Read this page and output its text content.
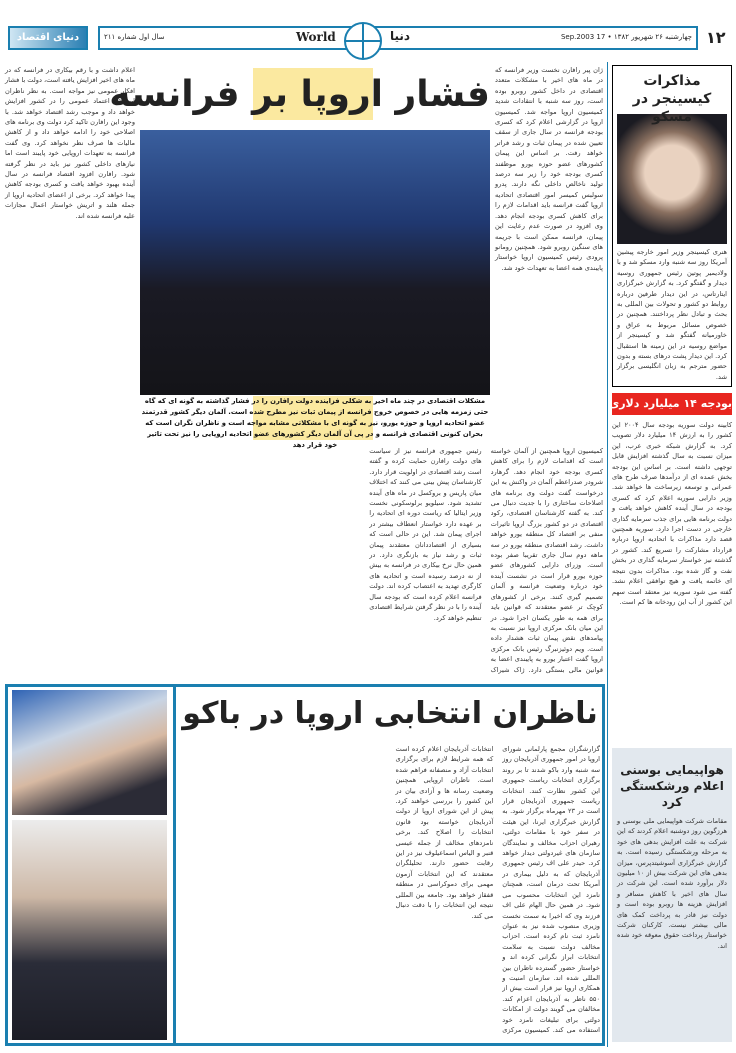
دنیای اقتصاد	سال اول شماره ۲۱۱	چهارشنبه ۲۶ شهریور ۱۳۸۲ • 17 Sep.2003
World	دنیا	۱۲
مذاکرات کیسینجر در مسکو
هنری کیسینجر وزیر امور خارجه پیشین آمریکا روز سه شنبه وارد مسکو شد و با ولادیمیر پوتین رئیس جمهوری روسیه دیدار و گفتگو کرد. به گزارش خبرگزاری ایتارتاس، در این دیدار طرفین درباره روابط دو کشور و تحولات بین المللی به بحث و تبادل نظر پرداختند. همچنین در خصوص مسائل مربوط به عراق و خاورمیانه گفتگو شد و کیسینجر از مواضع روسیه در این زمینه ها استقبال کرد. این دیدار پشت درهای بسته و بدون حضور مترجم به زبان انگلیسی برگزار شد.
بودجه ۱۴ میلیارد دلاری
کابینه دولت سوریه بودجه سال ۲۰۰۴ این کشور را به ارزش ۱۴ میلیارد دلار تصویب کرد. به گزارش شبکه خبری عرب، این میزان نسبت به سال گذشته افزایش قابل توجهی داشته است. بر اساس این بودجه بخش عمده ای از درآمدها صرف طرح های عمرانی و توسعه زیرساخت ها خواهد شد. وزیر دارایی سوریه اعلام کرد که کسری بودجه در سال آینده کاهش خواهد یافت و دولت برنامه هایی برای جذب سرمایه گذاری خارجی در دست اجرا دارد. سوریه همچنین قصد دارد مذاکرات با اتحادیه اروپا درباره قرارداد مشارکت را تسریع کند. کشور در گذشته نیز خواستار سرمایه گذاری در بخش نفت و گاز شده بود. مذاکرات بدون نتیجه ای خاتمه یافت و هیچ توافقی اعلام نشد. گفته می شود سوریه نیز معتقد است سهم این کشور از آب این رودخانه ها کم است.
هواپیمایی بوسنی اعلام ورشکستگی کرد
مقامات شرکت هواپیمایی ملی بوسنی و هرزگوین روز دوشنبه اعلام کردند که این شرکت به علت افزایش بدهی های خود به مرحله ورشکستگی رسیده است. به گزارش خبرگزاری آسوشیتدپرس، میزان بدهی های این شرکت بیش از ۱۰ میلیون دلار برآورد شده است. این شرکت در سال های اخیر با کاهش مسافر و افزایش هزینه ها روبرو بوده است و دولت نیز قادر به پرداخت کمک های مالی بیشتر نیست. کارکنان شرکت خواستار پرداخت حقوق معوقه خود شده اند.
فشار اروپا بر فرانسه
مشکلات اقتصادی در چند ماه اخیر به شکلی فزاینده دولت رافارن را در فشار گذاشته به گونه ای که گاه حتی زمزمه هایی در خصوص خروج فرانسه از پیمان ثبات نیز مطرح شده است. آلمان دیگر کشور قدرتمند عضو اتحادیه اروپا و حوزه یورو، نیز به گونه ای با مشکلاتی مشابه مواجه است و ناظران نگران است که بحران کنونی اقتصادی فرانسه و در پی آن آلمان دیگر کشورهای عضو اتحادیه اروپایی را نیز تحت تاثیر خود قرار دهد
ژان پیر رافارن نخست وزیر فرانسه که در ماه های اخیر با مشکلات متعدد اقتصادی در داخل کشور روبرو بوده است، روز سه شنبه با انتقادات شدید کمیسیون اروپا مواجه شد. کمیسیون اروپا در گزارشی اعلام کرد که کسری بودجه فرانسه در سال جاری از سقف تعیین شده در پیمان ثبات و رشد فراتر خواهد رفت. بر اساس این پیمان کشورهای عضو حوزه یورو موظفند کسری بودجه خود را زیر سه درصد تولید ناخالص داخلی نگه دارند. پدرو سولبس کمیسر امور اقتصادی اتحادیه اروپا گفت فرانسه باید اقدامات لازم را برای کاهش کسری بودجه انجام دهد. وی افزود در صورت عدم رعایت این پیمان، فرانسه ممکن است با جریمه های سنگین روبرو شود. همچنین رومانو پرودی رئیس کمیسیون اروپا خواستار پایبندی همه اعضا به تعهدات خود شد.
اعلام داشت و با رقم بیکاری در فرانسه که در ماه های اخیر افزایش یافته است، دولت با فشار افکار عمومی نیز مواجه است. به نظر ناظران این کار اعتماد عمومی را در کشور افزایش خواهد داد و موجب رشد اقتصاد خواهد شد. با وجود این رافارن تاکید کرد دولت وی برنامه های اصلاحی خود را ادامه خواهد داد و از کاهش مالیات ها صرف نظر نخواهد کرد. وی گفت فرانسه به تعهدات اروپایی خود پایبند است اما نیازهای داخلی کشور نیز باید در نظر گرفته شود. رافارن افزود اقتصاد فرانسه در سال آینده بهبود خواهد یافت و کسری بودجه کاهش پیدا خواهد کرد. برخی از اعضای اتحادیه اروپا از جمله هلند و اتریش خواستار اعمال مجازات علیه فرانسه شده اند.
کمیسیون اروپا همچنین از آلمان خواسته است که اقدامات لازم را برای کاهش کسری بودجه خود انجام دهد. گرهارد شرودر صدراعظم آلمان در واکنش به این درخواست گفت دولت وی برنامه های اصلاحات ساختاری را با جدیت دنبال می کند. به گفته کارشناسان اقتصادی، رکود اقتصادی در دو کشور بزرگ اروپا تاثیرات منفی بر اقتصاد کل منطقه یورو خواهد داشت. رشد اقتصادی منطقه یورو در سه ماهه دوم سال جاری تقریبا صفر بوده است. وزرای دارایی کشورهای عضو حوزه یورو قرار است در نشست آینده خود درباره وضعیت فرانسه و آلمان تصمیم گیری کنند. برخی از کشورهای کوچک تر عضو معتقدند که قوانین باید برای همه به طور یکسان اجرا شود. در این میان بانک مرکزی اروپا نیز نسبت به پیامدهای نقض پیمان ثبات هشدار داده است. ویم دوئیزنبرگ رئیس بانک مرکزی اروپا گفت اعتبار یورو به پایبندی اعضا به قوانین مالی بستگی دارد. ژاک شیراک رئیس جمهوری فرانسه نیز از سیاست های دولت رافارن حمایت کرده و گفته است رشد اقتصادی در اولویت قرار دارد. کارشناسان پیش بینی می کنند که اختلاف میان پاریس و بروکسل در ماه های آینده تشدید شود. سیلویو برلوسکونی نخست وزیر ایتالیا که ریاست دوره ای اتحادیه را بر عهده دارد خواستار انعطاف بیشتر در اجرای پیمان شد. این در حالی است که بسیاری از اقتصاددانان معتقدند پیمان ثبات و رشد نیاز به بازنگری دارد. در همین حال نرخ بیکاری در فرانسه به بیش از نه درصد رسیده است و اتحادیه های کارگری تهدید به اعتصاب کرده اند. دولت فرانسه اعلام کرده است که بودجه سال آینده را با در نظر گرفتن شرایط اقتصادی تنظیم خواهد کرد.
ناظران انتخابی اروپا در باکو
گزارشگران مجمع پارلمانی شورای اروپا در امور جمهوری آذربایجان روز سه شنبه وارد باکو شدند تا بر روند برگزاری انتخابات ریاست جمهوری این کشور نظارت کنند. انتخابات ریاست جمهوری آذربایجان قرار است در ۲۳ مهرماه برگزار شود. به گزارش خبرگزاری ایرنا، این هیئت در سفر خود با مقامات دولتی، رهبران احزاب مخالف و نمایندگان سازمان های غیردولتی دیدار خواهد کرد. حیدر علی اف رئیس جمهوری آذربایجان که به دلیل بیماری در آمریکا تحت درمان است، همچنان نامزد این انتخابات محسوب می شود. در همین حال الهام علی اف فرزند وی که اخیرا به سمت نخست وزیری منصوب شده نیز به عنوان نامزد ثبت نام کرده است. احزاب مخالف دولت نسبت به سلامت انتخابات ابراز نگرانی کرده اند و خواستار حضور گسترده ناظران بین المللی شده اند. سازمان امنیت و همکاری اروپا نیز قرار است بیش از ۵۵۰ ناظر به آذربایجان اعزام کند. مخالفان می گویند دولت از امکانات دولتی برای تبلیغات نامزد خود استفاده می کند. کمیسیون مرکزی انتخابات آذربایجان اعلام کرده است که همه شرایط لازم برای برگزاری انتخابات آزاد و منصفانه فراهم شده است. ناظران اروپایی همچنین وضعیت رسانه ها و آزادی بیان در این کشور را بررسی خواهند کرد. پیش از این شورای اروپا از دولت آذربایجان خواسته بود قانون انتخابات را اصلاح کند. برخی نامزدهای مخالف از جمله عیسی قنبر و الیاس اسماعیلوف نیز در این رقابت حضور دارند. تحلیلگران معتقدند که این انتخابات آزمون مهمی برای دموکراسی در منطقه قفقاز خواهد بود. جامعه بین المللی نتیجه این انتخابات را با دقت دنبال می کند.
